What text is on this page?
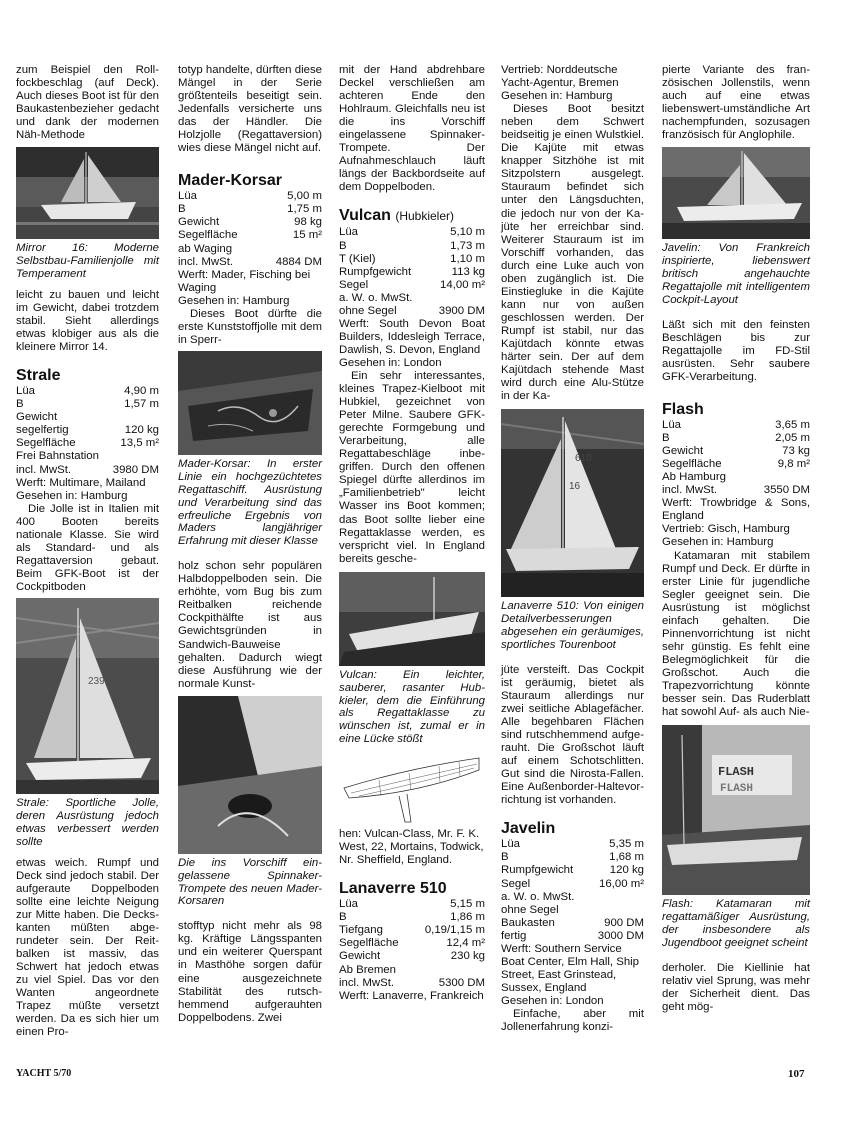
zum Beispiel den Rollfockbeschlag (auf Deck). Auch dieses Boot ist für den Baukastenbezieher gedacht und dank der modernen Näh-Methode

Mirror 16: Moderne Selbstbau-Familienjolle mit Temperament

leicht zu bauen und leicht im Gewicht, dabei trotzdem stabil. Sieht allerdings etwas klobiger aus als die kleinere Mirror 14.

Strale
Lüa	4,90 m
B	1,57 m
Gewicht
segelfertig	120 kg
Segelfläche	13,5 m²
Frei Bahnstation
incl. MwSt.	3980 DM

Werft: Multimare, Mailand

Gesehen in: Hamburg

Die Jolle ist in Italien mit 400 Booten bereits nationale Klasse. Sie wird als Standard- und als Regattaversion gebaut. Beim GFK-Boot ist der Cockpitboden

239

Strale: Sportliche Jolle, deren Ausrüstung jedoch etwas verbessert werden sollte

etwas weich. Rumpf und Deck sind jedoch stabil. Der aufgeraute Doppelboden sollte eine leichte Neigung zur Mitte haben. Die Deckskanten müßten abgerundeter sein. Der Reitbalken ist massiv, das Schwert hat jedoch etwas zu viel Spiel. Das vor den Wanten angeordnete Trapez müßte versetzt werden. Da es sich hier um einen Pro-

totyp handelte, dürften diese Mängel in der Serie größtenteils beseitigt sein. Jedenfalls versicherte uns das der Händler. Die Holzjolle (Regattaversion) wies diese Mängel nicht auf.

Mader-Korsar
Lüa	5,00 m
B	1,75 m
Gewicht	98 kg
Segelfläche	15 m²
ab Waging
incl. MwSt.	4884 DM

Werft: Mader, Fisching bei Waging

Gesehen in: Hamburg

Dieses Boot dürfte die erste Kunststoffjolle mit dem in Sperr-

Mader-Korsar: In erster Linie ein hochgezüchtetes Regattaschiff. Ausrüstung und Verarbeitung sind das erfreuliche Ergebnis von Maders langjähriger Erfahrung mit dieser Klasse

holz schon sehr populären Halbdoppelboden sein. Die erhöhte, vom Bug bis zum Reitbalken reichende Cockpithälfte ist aus Gewichtsgründen in Sandwich-Bauweise gehalten. Dadurch wiegt diese Ausführung wie der normale Kunst-

Die ins Vorschiff eingelassene Spinnaker-Trompete des neuen Mader-Korsaren

stofftyp nicht mehr als 98 kg. Kräftige Längsspanten und ein weiterer Querspant in Masthöhe sorgen dafür eine ausgezeichnete Stabilität des rutschhemmend aufgerauhten Doppelbodens. Zwei

mit der Hand abdrehbare Deckel verschließen am achteren Ende den Hohlraum. Gleichfalls neu ist die ins Vorschiff eingelassene Spinnaker-Trompete. Der Aufnahmeschlauch läuft längs der Backbordseite auf dem Doppelboden.

Vulcan (Hubkieler)
Lüa	5,10 m
B	1,73 m
T (Kiel)	1,10 m
Rumpfgewicht	113 kg
Segel	14,00 m²
a. W. o. MwSt.
ohne Segel	3900 DM

Werft: South Devon Boat Builders, Iddesleigh Terrace, Dawlish, S. Devon, England

Gesehen in: London

Ein sehr interessantes, kleines Trapez-Kielboot mit Hubkiel, gezeichnet von Peter Milne. Saubere GFK-gerechte Formgebung und Verarbeitung, alle Regattabeschläge inbegriffen. Durch den offenen Spiegel dürfte allerdinos im „Familienbetrieb" leicht Wasser ins Boot kommen; das Boot sollte lieber eine Regattaklasse werden, es verspricht viel. In England bereits gesche-

Vulcan: Ein leichter, sauberer, rasanter Hubkieler, dem die Einführung als Regattaklasse zu wünschen ist, zumal er in eine Lücke stößt

hen: Vulcan-Class, Mr. F. K. West, 22, Mortains, Todwick, Nr. Sheffield, England.

Lanaverre 510
Lüa	5,15 m
B	1,86 m
Tiefgang	0,19/1,15 m
Segelfläche	12,4 m²
Gewicht	230 kg
Ab Bremen
incl. MwSt.	5300 DM

Werft: Lanaverre, Frankreich

Vertrieb: Norddeutsche Yacht-Agentur, Bremen

Gesehen in: Hamburg

Dieses Boot besitzt neben dem Schwert beidseitig je einen Wulstkiel. Die Kajüte mit etwas knapper Sitzhöhe ist mit Sitzpolstern ausgelegt. Stauraum befindet sich unter den Längsduchten, die jedoch nur von der Kajüte her erreichbar sind. Weiterer Stauraum ist im Vorschiff vorhanden, das durch eine Luke auch von oben zugänglich ist. Die Einstiegluke in die Kajüte kann nur von außen geschlossen werden. Der Rumpf ist stabil, nur das Kajütdach könnte etwas härter sein. Der auf dem Kajütdach stehende Mast wird durch eine Alu-Stütze in der Ka-

610
16

Lanaverre 510: Von einigen Detailverbesserungen abgesehen ein geräumiges, sportliches Tourenboot

jüte versteift. Das Cockpit ist geräumig, bietet als Stauraum allerdings nur zwei seitliche Ablagefächer. Alle begehbaren Flächen sind rutschhemmend aufgerauht. Die Großschot läuft auf einem Schotschlitten. Gut sind die Nirosta-Fallen. Eine Außenborder-Haltevorrichtung ist vorhanden.

Javelin
Lüa	5,35 m
B	1,68 m
Rumpfgewicht	120 kg
Segel	16,00 m²
a. W. o. MwSt.
ohne Segel
Baukasten	900 DM
fertig	3000 DM

Werft: Southern Service Boat Center, Elm Hall, Ship Street, East Grinstead, Sussex, England

Gesehen in: London

Einfache, aber mit Jollenerfahrung konzi-

pierte Variante des französischen Jollenstils, wenn auch auf eine etwas liebenswert-umständliche Art nachempfunden, sozusagen französisch für Anglophile.

Javelin: Von Frankreich inspirierte, liebenswert britisch angehauchte Regattajolle mit intelligentem Cockpit-Layout

Läßt sich mit den feinsten Beschlägen bis zur Regattajolle im FD-Stil ausrüsten. Sehr saubere GFK-Verarbeitung.

Flash
Lüa	3,65 m
B	2,05 m
Gewicht	73 kg
Segelfläche	9,8 m²
Ab Hamburg
incl. MwSt.	3550 DM

Werft: Trowbridge & Sons, England

Vertrieb: Gisch, Hamburg

Gesehen in: Hamburg

Katamaran mit stabilem Rumpf und Deck. Er dürfte in erster Linie für jugendliche Segler geeignet sein. Die Ausrüstung ist möglichst einfach gehalten. Die Pinnenvorrichtung ist nicht sehr günstig. Es fehlt eine Belegmöglichkeit für die Großschot. Auch die Trapezvorrichtung könnte besser sein. Das Ruderblatt hat sowohl Auf- als auch Nie-

FLASH
FLASH

Flash: Katamaran mit regattamäßiger Ausrüstung, der insbesondere als Jugendboot geeignet scheint

derholer. Die Kiellinie hat relativ viel Sprung, was mehr der Sicherheit dient. Das geht mög-

YACHT 5/70	107
